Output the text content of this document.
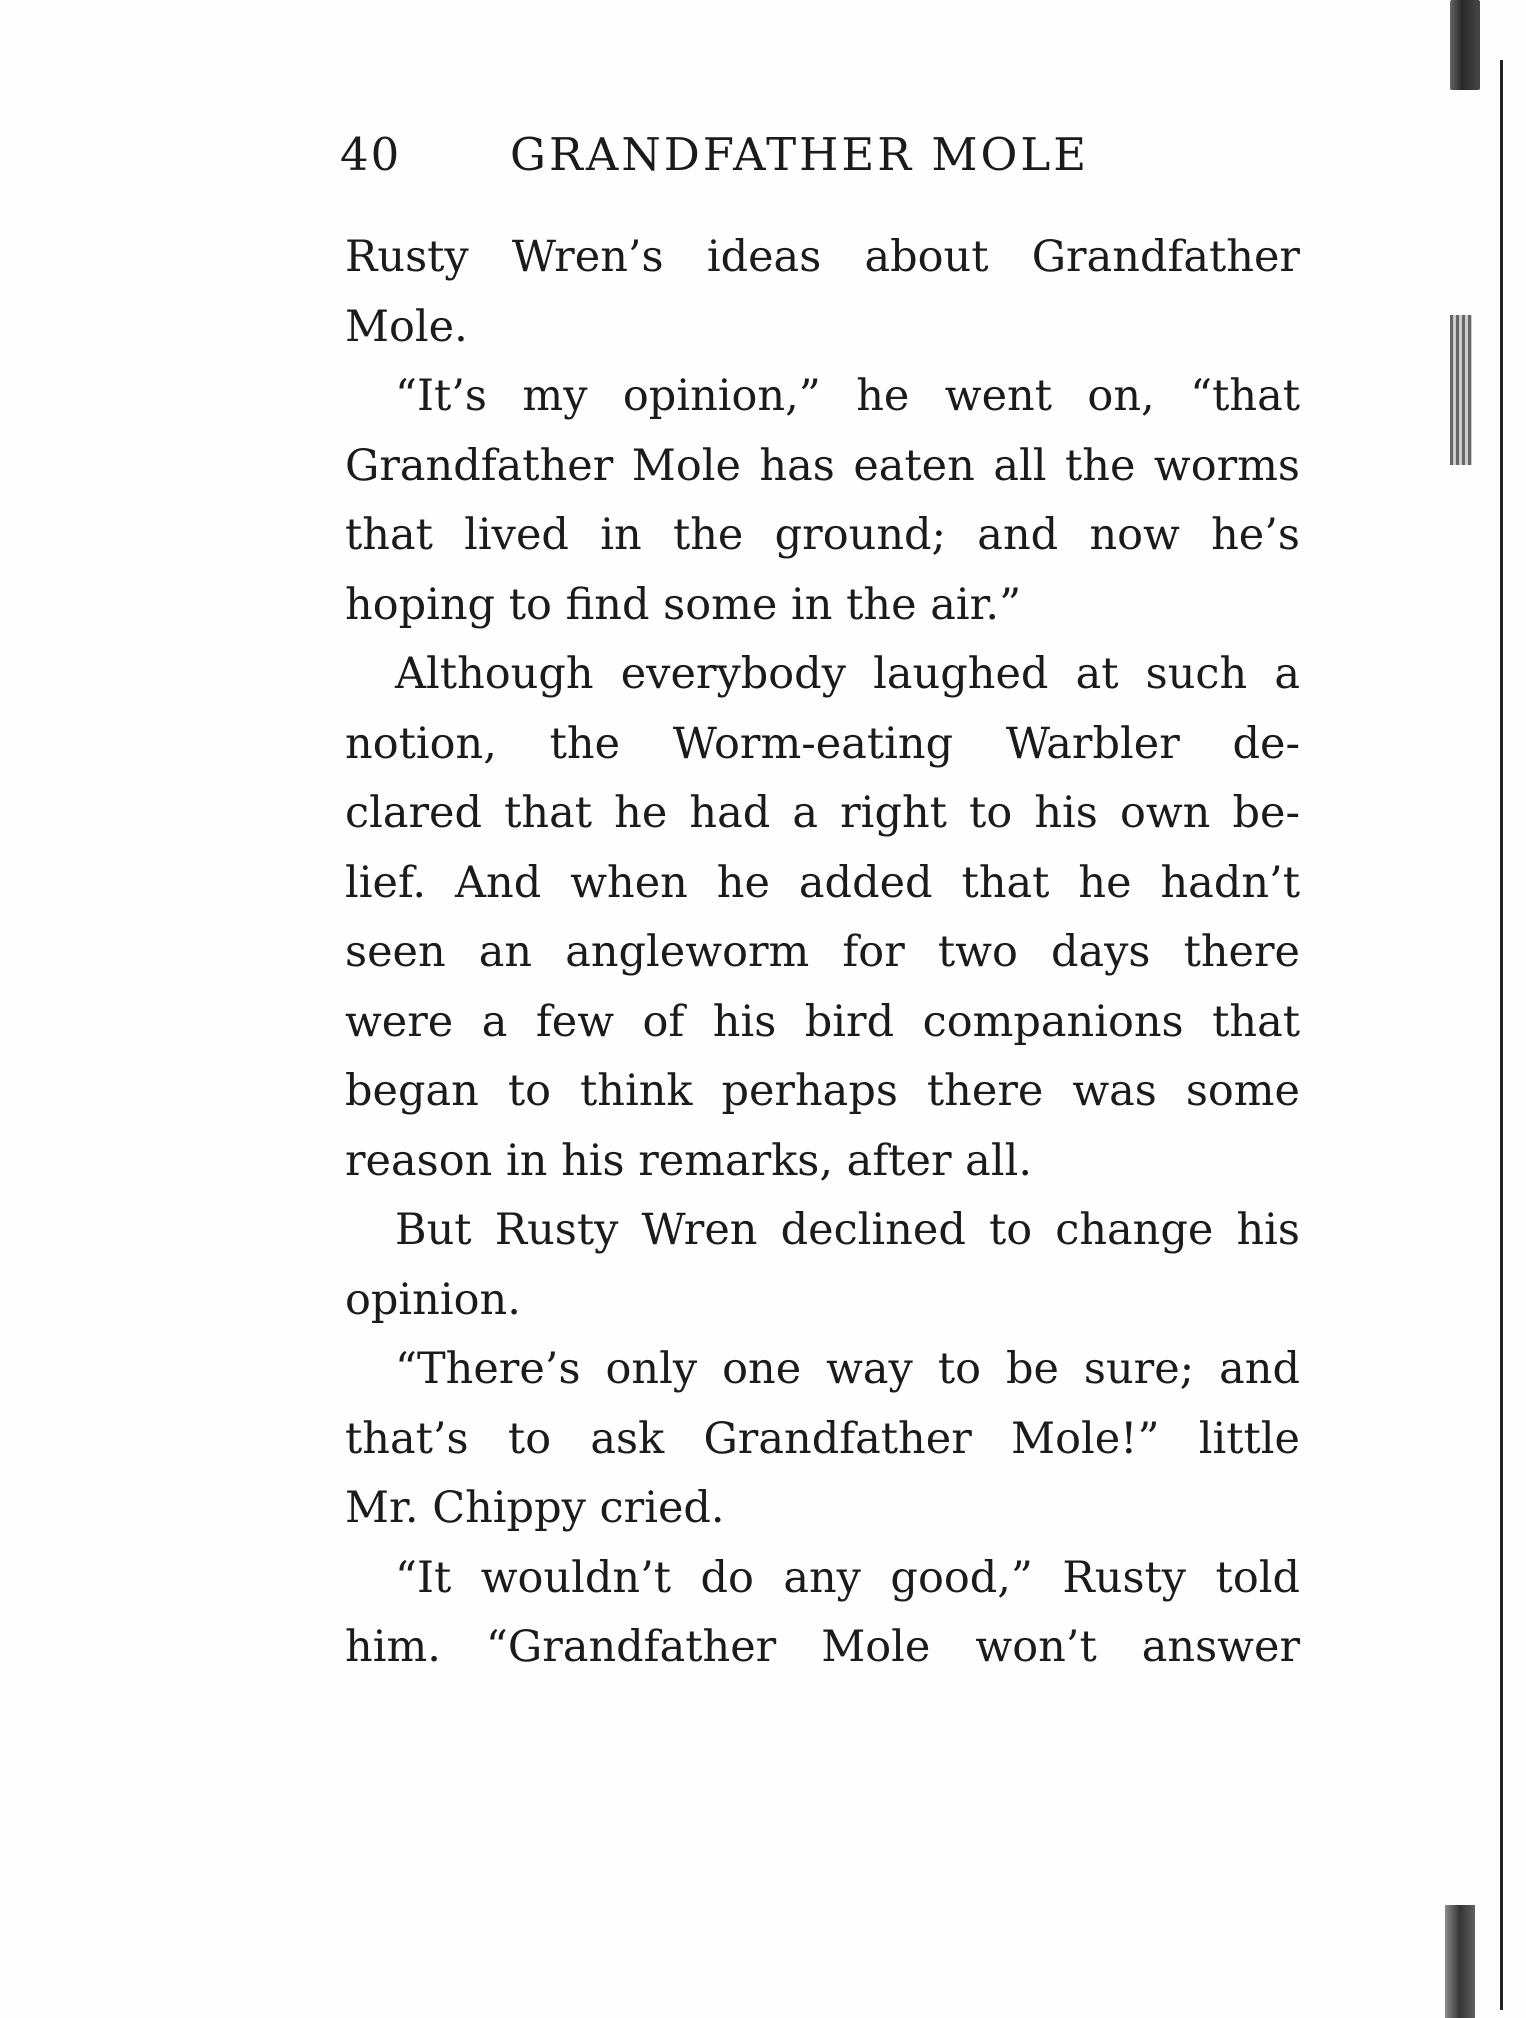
40 GRANDFATHER MOLE
Rusty Wren’s ideas about Grandfather
Mole.
“It’s my opinion,” he went on, “that
Grandfather Mole has eaten all the worms
that lived in the ground; and now he’s
hoping to find some in the air.”
Although everybody laughed at such a
notion, the Worm-eating Warbler de-
clared that he had a right to his own be-
lief. And when he added that he hadn’t
seen an angleworm for two days there
were a few of his bird companions that
began to think perhaps there was some
reason in his remarks, after all.
But Rusty Wren declined to change his
opinion.
“There’s only one way to be sure; and
that’s to ask Grandfather Mole!” little
Mr. Chippy cried.
“It wouldn’t do any good,” Rusty told
him. “Grandfather Mole won’t answer
